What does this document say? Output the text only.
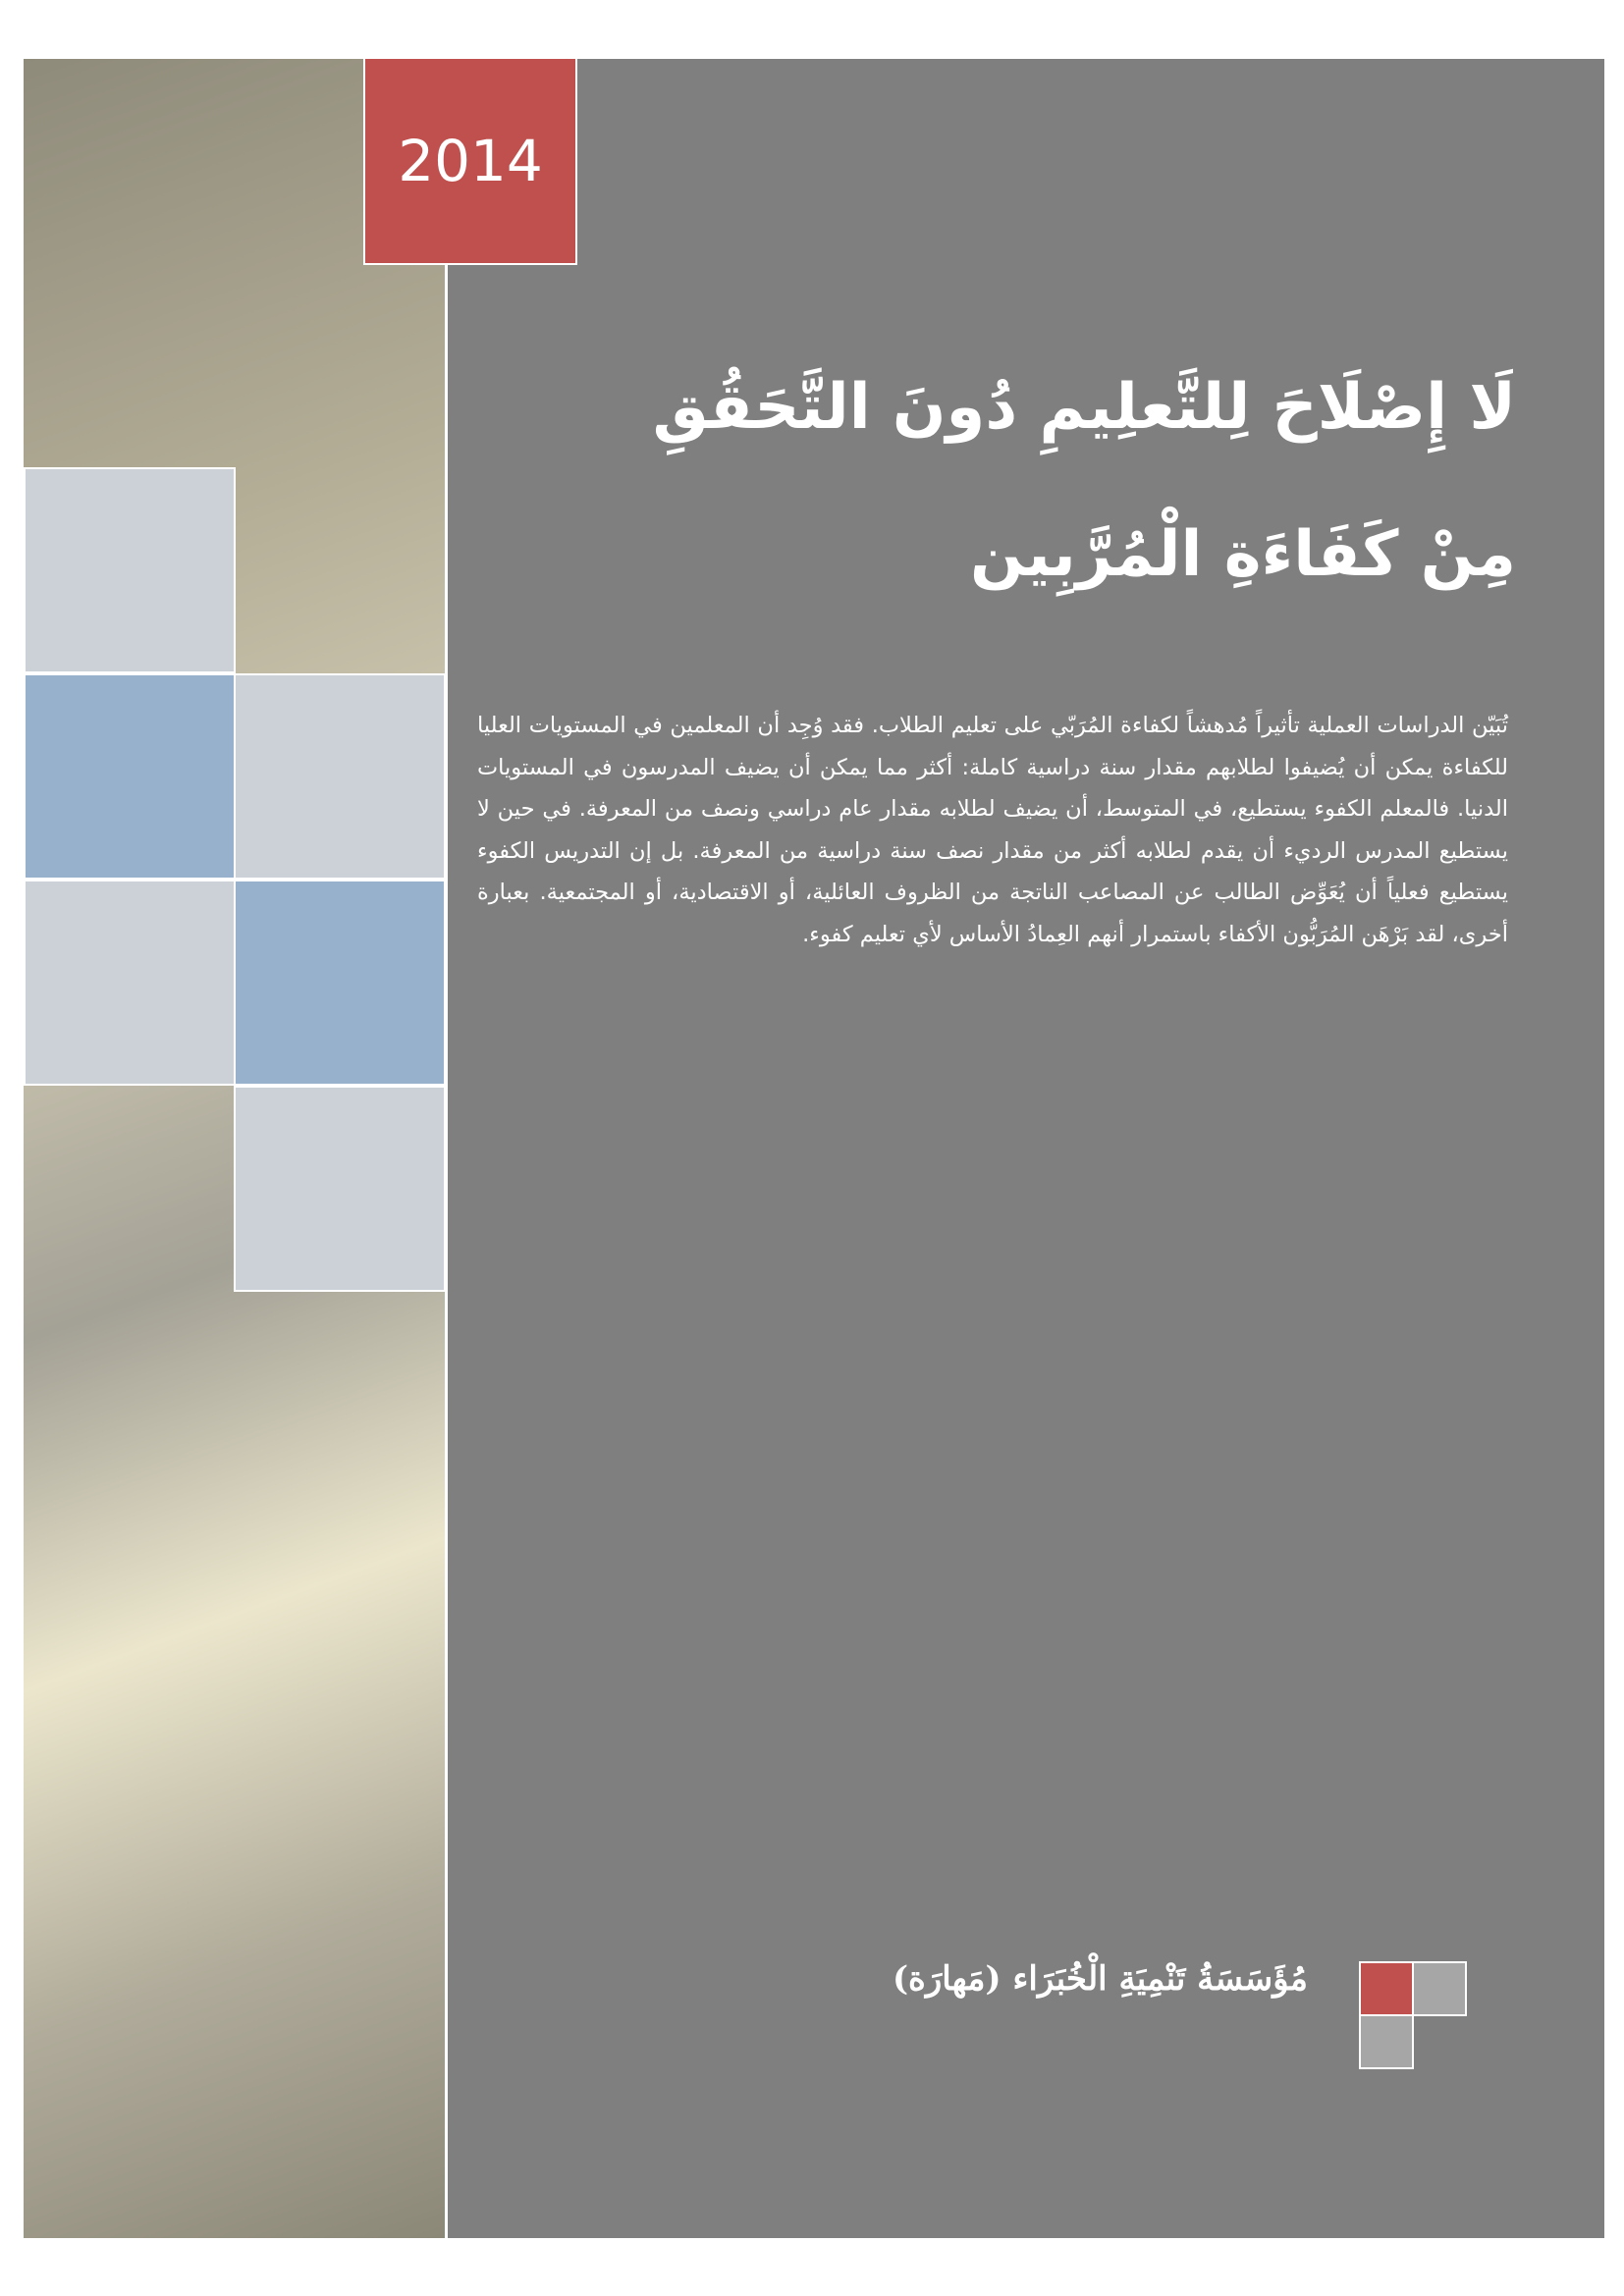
2014
لَا إِصْلَاحَ لِلتَّعلِيمِ دُونَ التَّحَقُقِ
مِنْ كَفَاءَةِ الْمُرَّبِين
تُبَيّن الدراسات العملية تأثيراً مُدهشاً لكفاءة المُرَبّي على تعليم الطلاب. فقد وُجِد أن المعلمين في المستويات العليا للكفاءة يمكن أن يُضيفوا لطلابهم مقدار سنة دراسية كاملة: أكثر مما يمكن أن يضيف المدرسون في المستويات الدنيا. فالمعلم الكفوء يستطيع، في المتوسط، أن يضيف لطلابه مقدار عام دراسي ونصف من المعرفة. في حين لا يستطيع المدرس الرديء أن يقدم لطلابه أكثر من مقدار نصف سنة دراسية من المعرفة. بل إن التدريس الكفوء يستطيع فعلياً أن يُعَوِّض الطالب عن المصاعب الناتجة من الظروف العائلية، أو الاقتصادية، أو المجتمعية. بعبارة أخرى، لقد بَرْهَن المُرَبُّون الأكفاء باستمرار أنهم العِمادُ الأساس لأي تعليم كفوء.
مُؤَسَسَةُ تَنْمِيَةِ الْخُبَرَاء (مَهارَة)
